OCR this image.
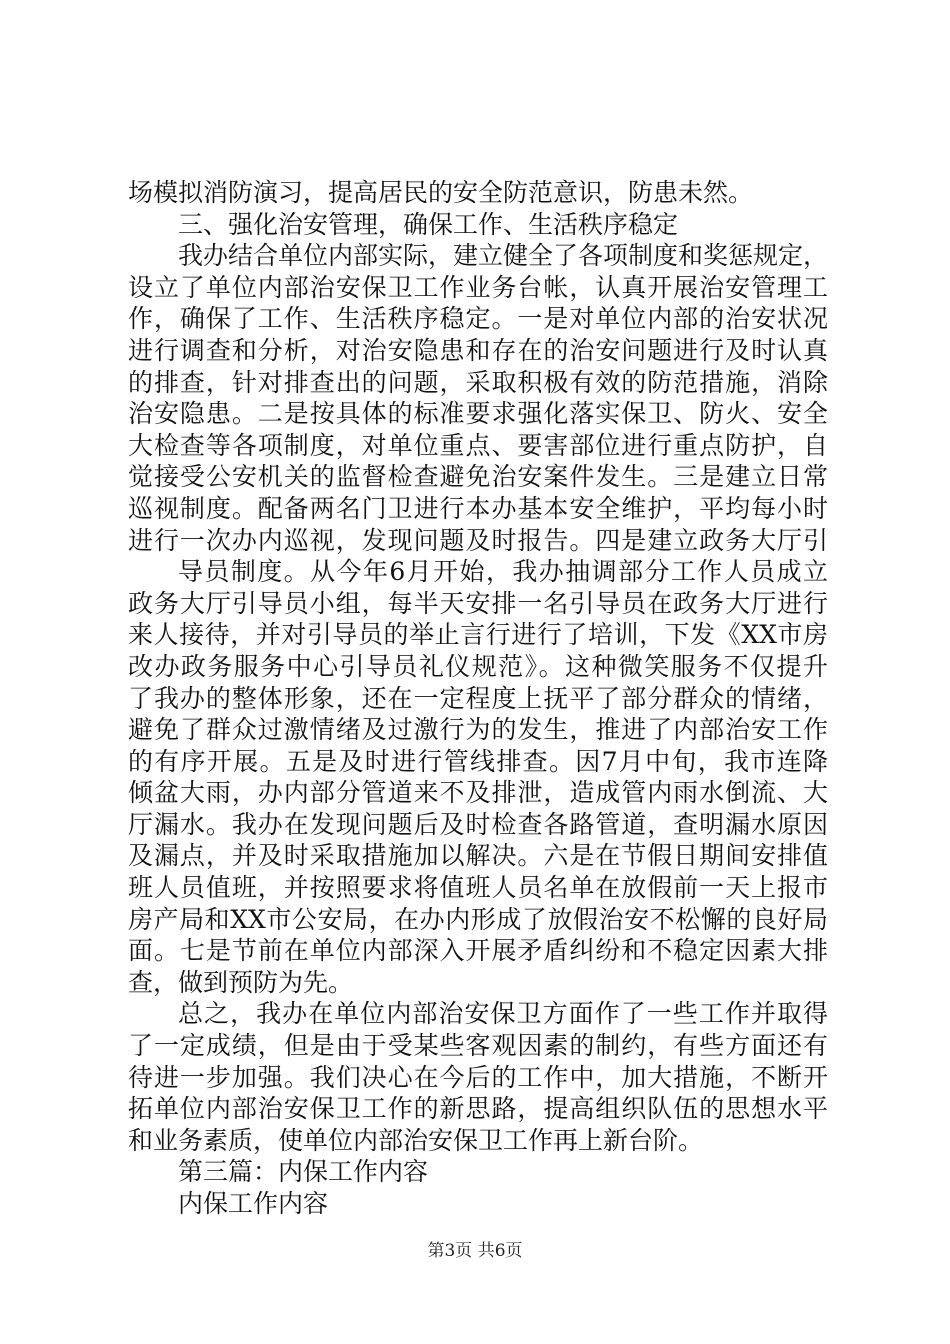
场模拟消防演习，提高居民的安全防范意识，防患未然。
三、强化治安管理，确保工作、生活秩序稳定
我办结合单位内部实际，建立健全了各项制度和奖惩规定，
设立了单位内部治安保卫工作业务台帐，认真开展治安管理工
作，确保了工作、生活秩序稳定。一是对单位内部的治安状况
进行调查和分析，对治安隐患和存在的治安问题进行及时认真
的排查，针对排查出的问题，采取积极有效的防范措施，消除
治安隐患。二是按具体的标准要求强化落实保卫、防火、安全
大检查等各项制度，对单位重点、要害部位进行重点防护，自
觉接受公安机关的监督检查避免治安案件发生。三是建立日常
巡视制度。配备两名门卫进行本办基本安全维护，平均每小时
进行一次办内巡视，发现问题及时报告。四是建立政务大厅引
导员制度。从今年6月开始，我办抽调部分工作人员成立
政务大厅引导员小组，每半天安排一名引导员在政务大厅进行
来人接待，并对引导员的举止言行进行了培训，下发《XX市房
改办政务服务中心引导员礼仪规范》。这种微笑服务不仅提升
了我办的整体形象，还在一定程度上抚平了部分群众的情绪，
避免了群众过激情绪及过激行为的发生，推进了内部治安工作
的有序开展。五是及时进行管线排查。因7月中旬，我市连降
倾盆大雨，办内部分管道来不及排泄，造成管内雨水倒流、大
厅漏水。我办在发现问题后及时检查各路管道，查明漏水原因
及漏点，并及时采取措施加以解决。六是在节假日期间安排值
班人员值班，并按照要求将值班人员名单在放假前一天上报市
房产局和XX市公安局，在办内形成了放假治安不松懈的良好局
面。七是节前在单位内部深入开展矛盾纠纷和不稳定因素大排
查，做到预防为先。
总之，我办在单位内部治安保卫方面作了一些工作并取得
了一定成绩，但是由于受某些客观因素的制约，有些方面还有
待进一步加强。我们决心在今后的工作中，加大措施，不断开
拓单位内部治安保卫工作的新思路，提高组织队伍的思想水平
和业务素质，使单位内部治安保卫工作再上新台阶。
第三篇：内保工作内容
内保工作内容
第3页 共6页
